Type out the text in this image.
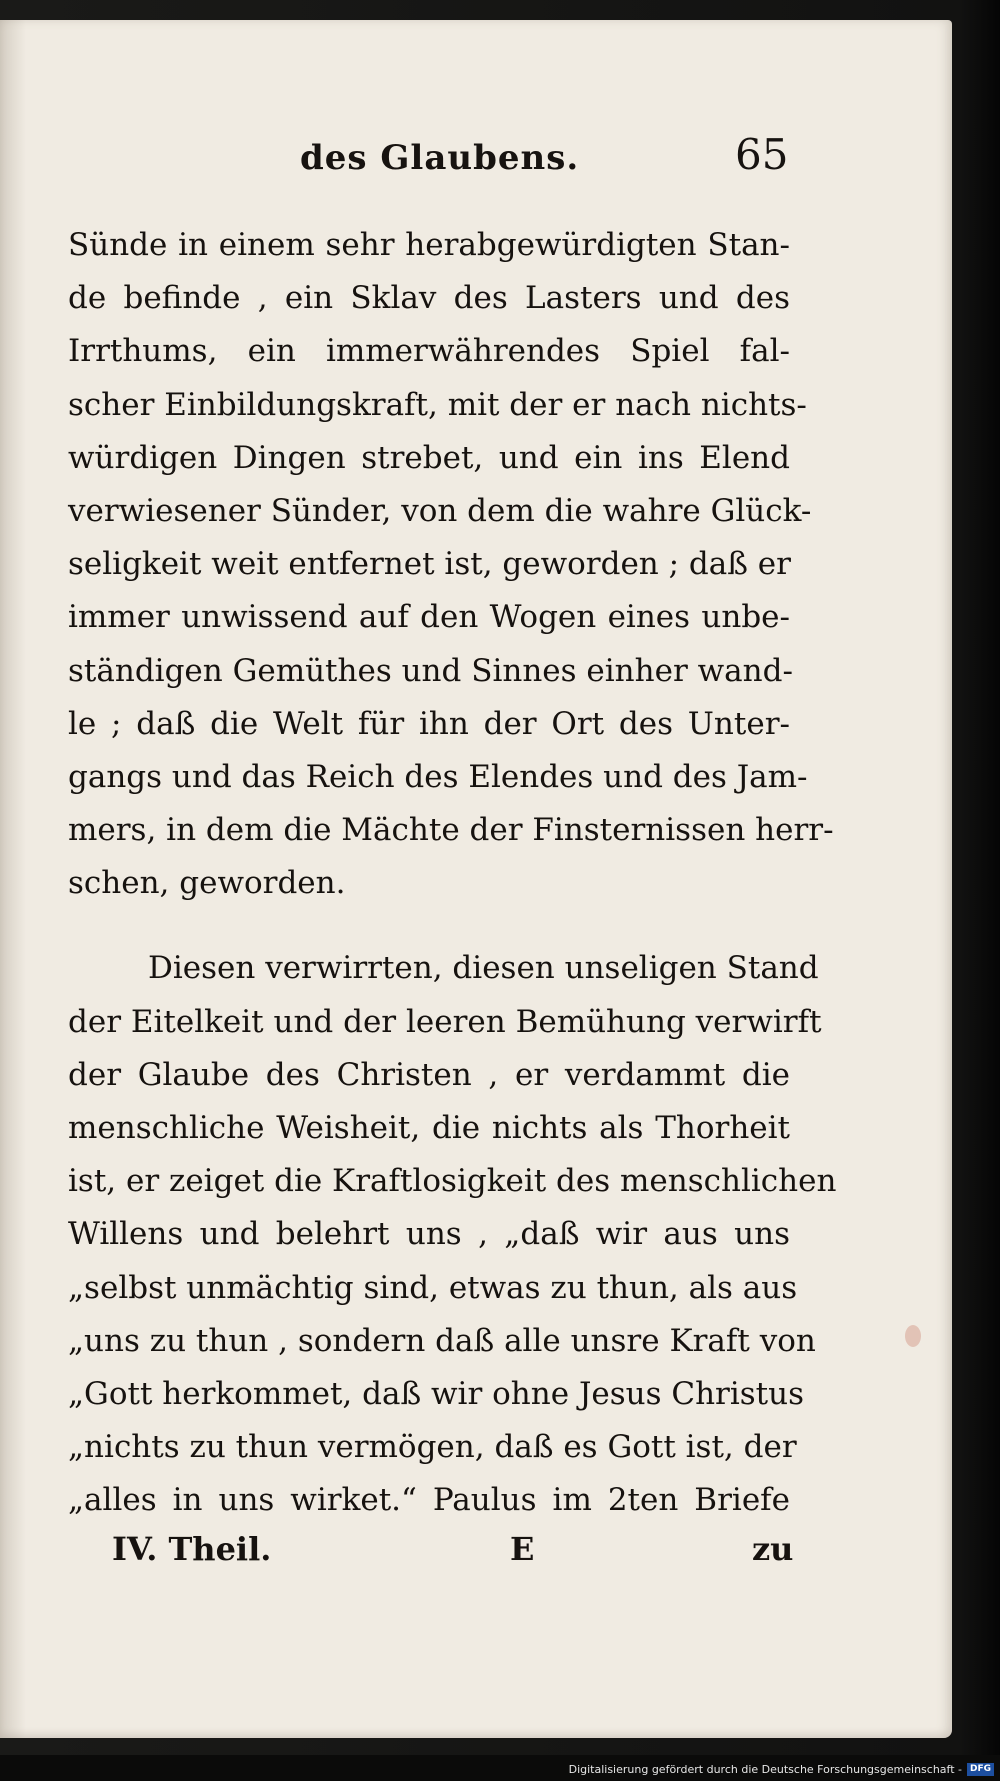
des Glaubens.	65
Sünde in einem sehr herabgewürdigten Stan-
de befinde , ein Sklav des Lasters und des
Irrthums, ein immerwährendes Spiel fal-
scher Einbildungskraft, mit der er nach nichts-
würdigen Dingen strebet, und ein ins Elend
verwiesener Sünder, von dem die wahre Glück-
seligkeit weit entfernet ist, geworden ; daß er
immer unwissend auf den Wogen eines unbe-
ständigen Gemüthes und Sinnes einher wand-
le ; daß die Welt für ihn der Ort des Unter-
gangs und das Reich des Elendes und des Jam-
mers, in dem die Mächte der Finsternissen herr-
schen, geworden.
Diesen verwirrten, diesen unseligen Stand
der Eitelkeit und der leeren Bemühung verwirft
der Glaube des Christen , er verdammt die
menschliche Weisheit, die nichts als Thorheit
ist, er zeiget die Kraftlosigkeit des menschlichen
Willens und belehrt uns , „daß wir aus uns
„selbst unmächtig sind, etwas zu thun, als aus
„uns zu thun , sondern daß alle unsre Kraft von
„Gott herkommet, daß wir ohne Jesus Christus
„nichts zu thun vermögen, daß es Gott ist, der
„alles in uns wirket.“ Paulus im 2ten Briefe
IV. Theil.	E	zu
Digitalisierung gefördert durch die Deutsche Forschungsgemeinschaft - DFG
